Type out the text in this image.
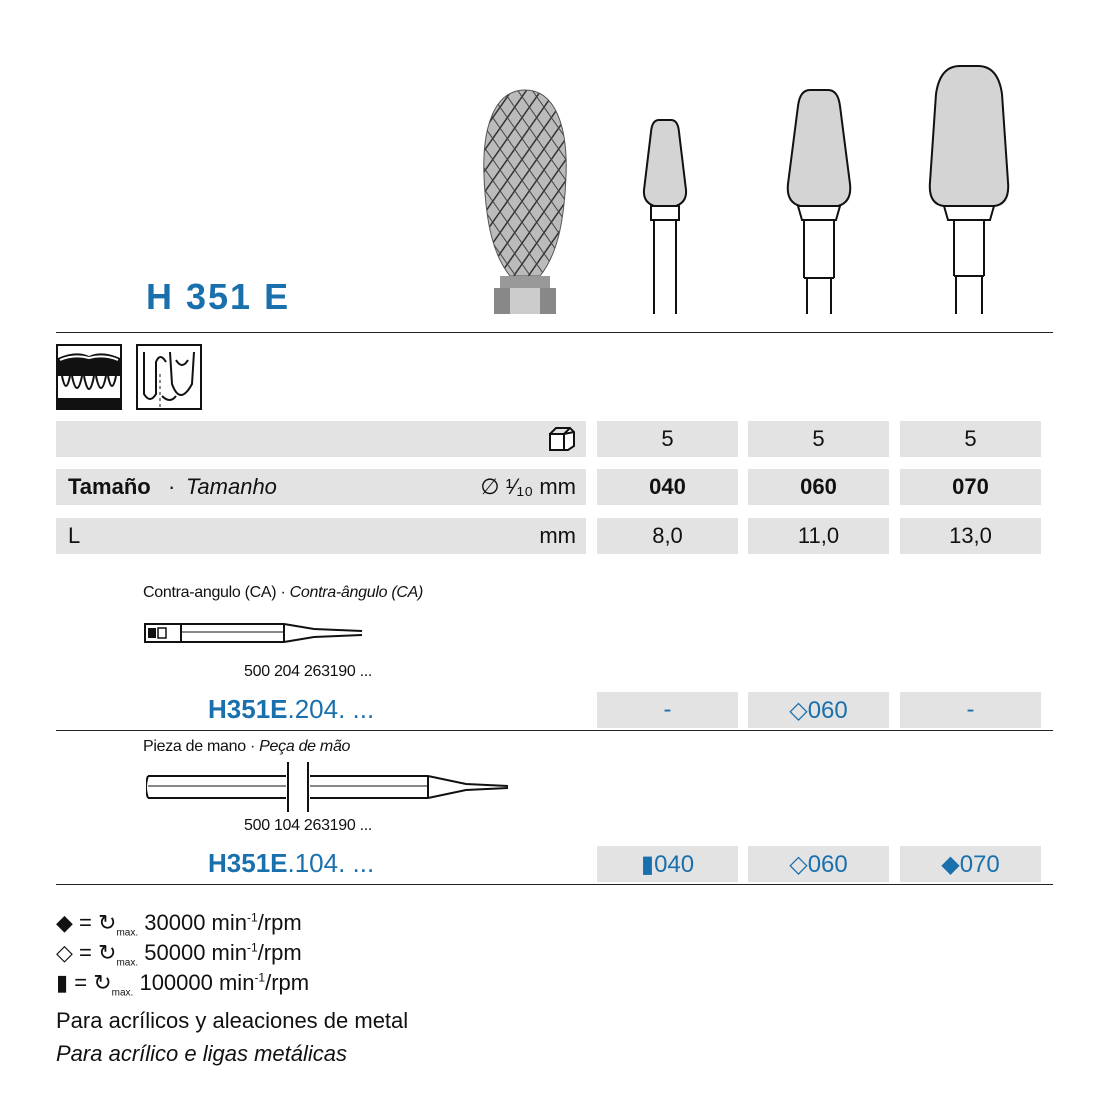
H 351 E
5	5	5
Tamaño · Tamanho	∅ ¹⁄₁₀ mm	040	060	070
L	mm	8,0	11,0	13,0
Contra-angulo (CA) · Contra-ângulo (CA)
500 204 263190 ...
H351E.204. ...	-	◇060	-
Pieza de mano · Peça de mão
500 104 263190 ...
H351E.104. ...	▮040	◇060	◆070
◆ = $↻_{max.}$ 30000 $\min^{-1}$/rpm
◇ = $↻_{max.}$ 50000 $\min^{-1}$/rpm
▮ = $↻_{max.}$ 100000 $\min^{-1}$/rpm
Para acrílicos y aleaciones de metal
Para acrílico e ligas metálicas
